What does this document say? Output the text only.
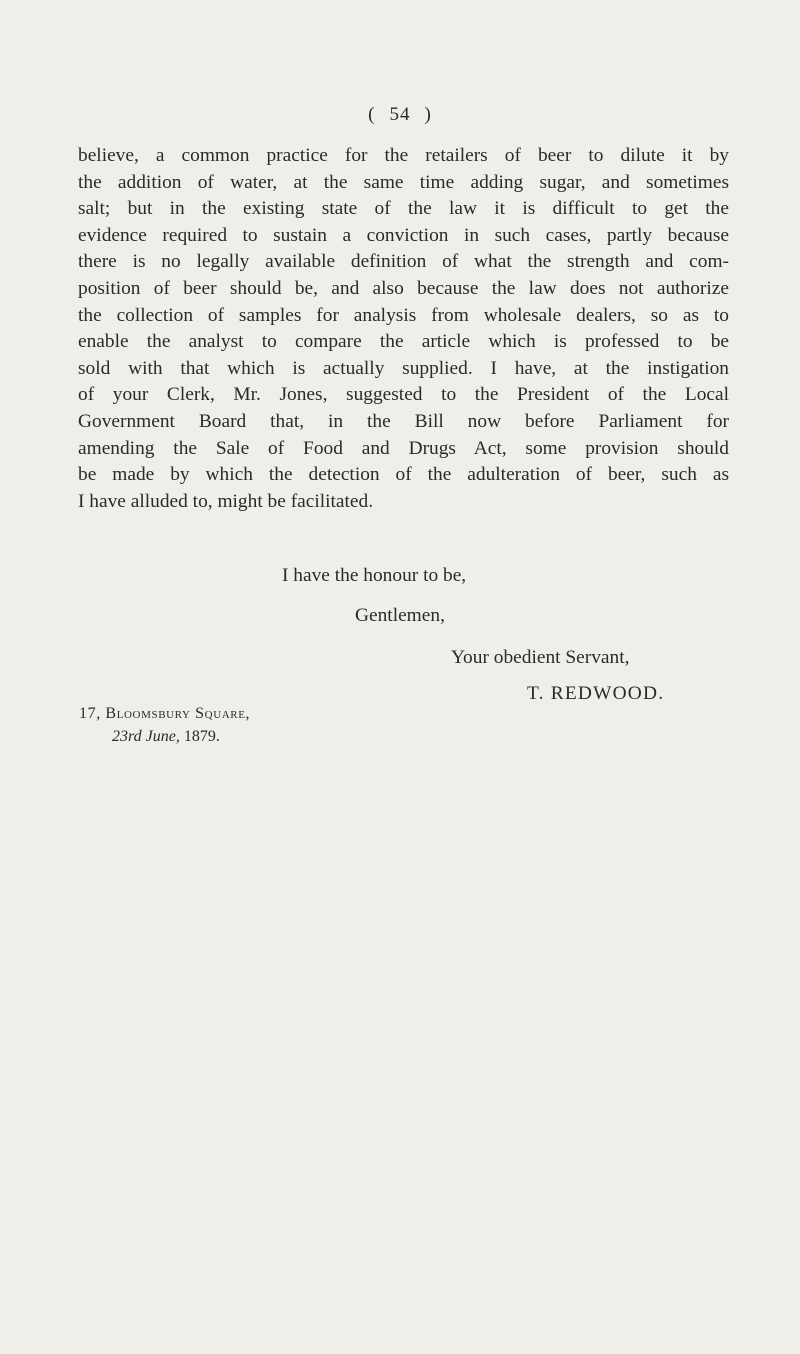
( 54 )
believe, a common practice for the retailers of beer to dilute it by
the addition of water, at the same time adding sugar, and sometimes
salt; but in the existing state of the law it is difficult to get the
evidence required to sustain a conviction in such cases, partly because
there is no legally available definition of what the strength and com-
position of beer should be, and also because the law does not authorize
the collection of samples for analysis from wholesale dealers, so as to
enable the analyst to compare the article which is professed to be
sold with that which is actually supplied. I have, at the instigation
of your Clerk, Mr. Jones, suggested to the President of the Local
Government Board that, in the Bill now before Parliament for
amending the Sale of Food and Drugs Act, some provision should
be made by which the detection of the adulteration of beer, such as
I have alluded to, might be facilitated.
I have the honour to be,
Gentlemen,
Your obedient Servant,
T. REDWOOD.
17, Bloomsbury Square,
23rd June, 1879.
